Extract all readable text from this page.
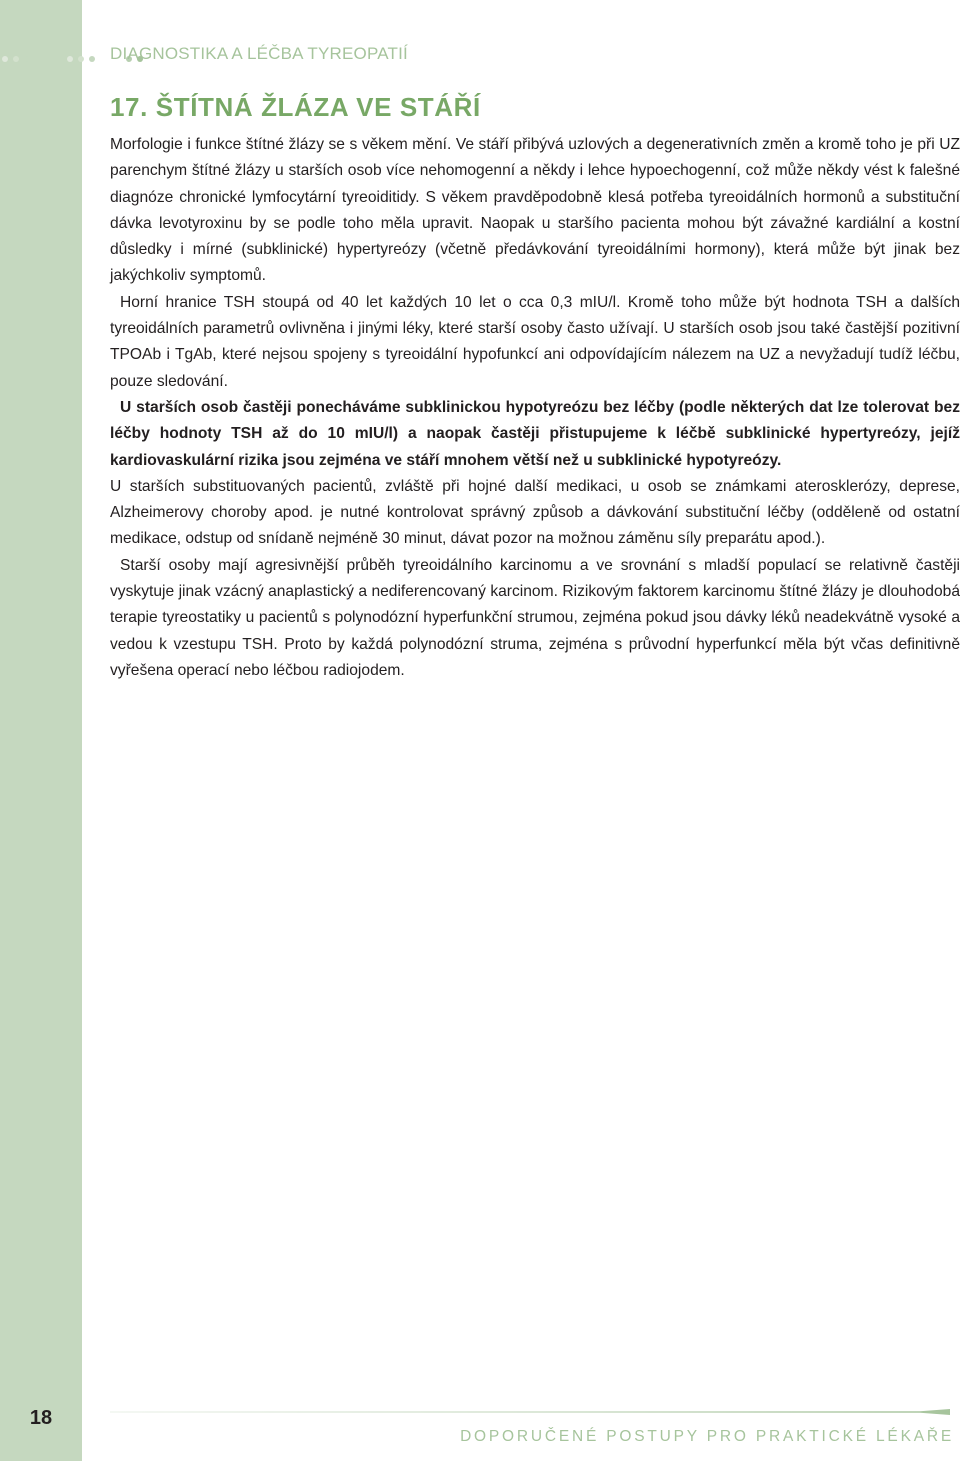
DIAGNOSTIKA A LÉČBA TYREOPATIÍ
17. ŠTÍTNÁ ŽLÁZA VE STÁŘÍ

Morfologie i funkce štítné žlázy se s věkem mění. Ve stáří přibývá uzlových a degenerativních změn a kromě toho je při UZ parenchym štítné žlázy u starších osob více nehomogenní a někdy i lehce hypoechogenní, což může někdy vést k falešné diagnóze chronické lymfocytární tyreoiditidy. S věkem pravděpodobně klesá potřeba tyreoidálních hormonů a substituční dávka levotyroxinu by se podle toho měla upravit. Naopak u staršího pacienta mohou být závažné kardiální a kostní důsledky i mírné (subklinické) hypertyreózy (včetně předávkování tyreoidálními hormony), která může být jinak bez jakýchkoliv symptomů.

Horní hranice TSH stoupá od 40 let každých 10 let o cca 0,3 mIU/l. Kromě toho může být hodnota TSH a dalších tyreoidálních parametrů ovlivněna i jinými léky, které starší osoby často užívají. U starších osob jsou také častější pozitivní TPOAb i TgAb, které nejsou spojeny s tyreoidální hypofunkcí ani odpovídajícím nálezem na UZ a nevyžadují tudíž léčbu, pouze sledování.

U starších osob častěji ponecháváme subklinickou hypotyreózu bez léčby (podle některých dat lze tolerovat bez léčby hodnoty TSH až do 10 mIU/l) a naopak častěji přistupujeme k léčbě subklinické hypertyreózy, jejíž kardiovaskulární rizika jsou zejména ve stáří mnohem větší než u subklinické hypotyreózy.

U starších substituovaných pacientů, zvláště při hojné další medikaci, u osob se známkami aterosklerózy, deprese, Alzheimerovy choroby apod. je nutné kontrolovat správný způsob a dávkování substituční léčby (odděleně od ostatní medikace, odstup od snídaně nejméně 30 minut, dávat pozor na možnou záměnu síly preparátu apod.).

Starší osoby mají agresivnější průběh tyreoidálního karcinomu a ve srovnání s mladší populací se relativně častěji vyskytuje jinak vzácný anaplastický a nediferencovaný karcinom. Rizikovým faktorem karcinomu štítné žlázy je dlouhodobá terapie tyreostatiky u pacientů s polynodózní hyperfunkční strumou, zejména pokud jsou dávky léků neadekvátně vysoké a vedou k vzestupu TSH. Proto by každá polynodózní struma, zejména s průvodní hyperfunkcí měla být včas definitivně vyřešena operací nebo léčbou radiojodem.

18
DOPORUČENÉ POSTUPY PRO PRAKTICKÉ LÉKAŘE
